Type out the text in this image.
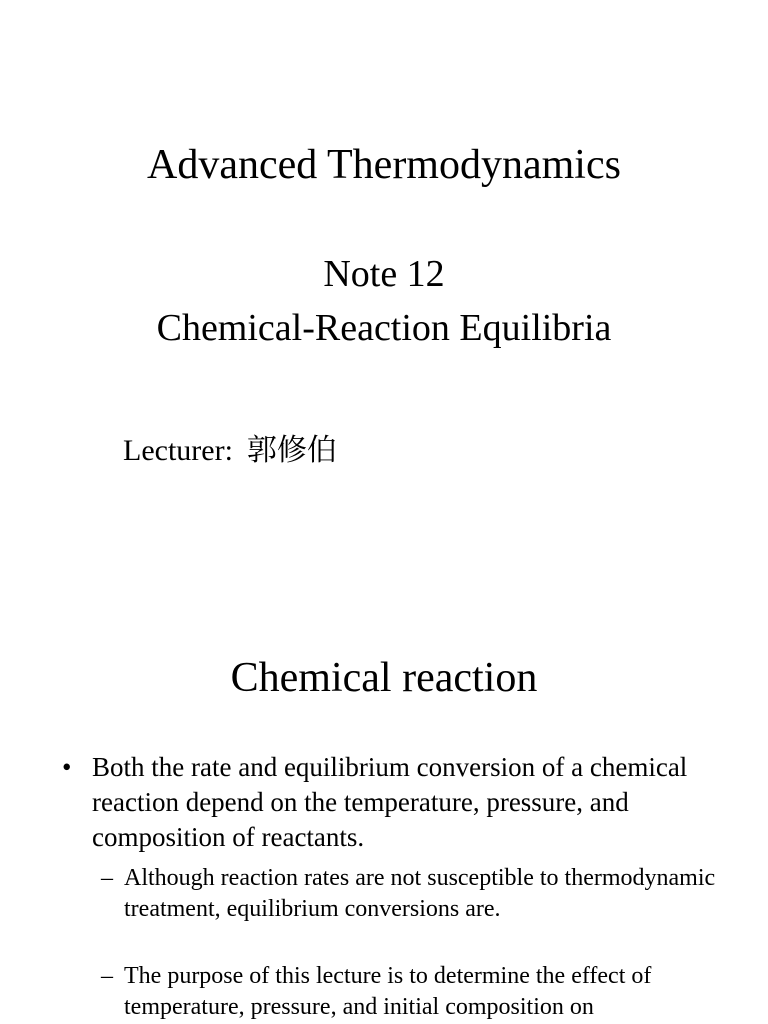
Advanced Thermodynamics
Note 12
Chemical-Reaction Equilibria
Lecturer: 郭修伯
Chemical reaction
• Both the rate and equilibrium conversion of a chemical reaction depend on the temperature, pressure, and composition of reactants.
– Although reaction rates are not susceptible to thermodynamic treatment, equilibrium conversions are.
– The purpose of this lecture is to determine the effect of temperature, pressure, and initial composition on
